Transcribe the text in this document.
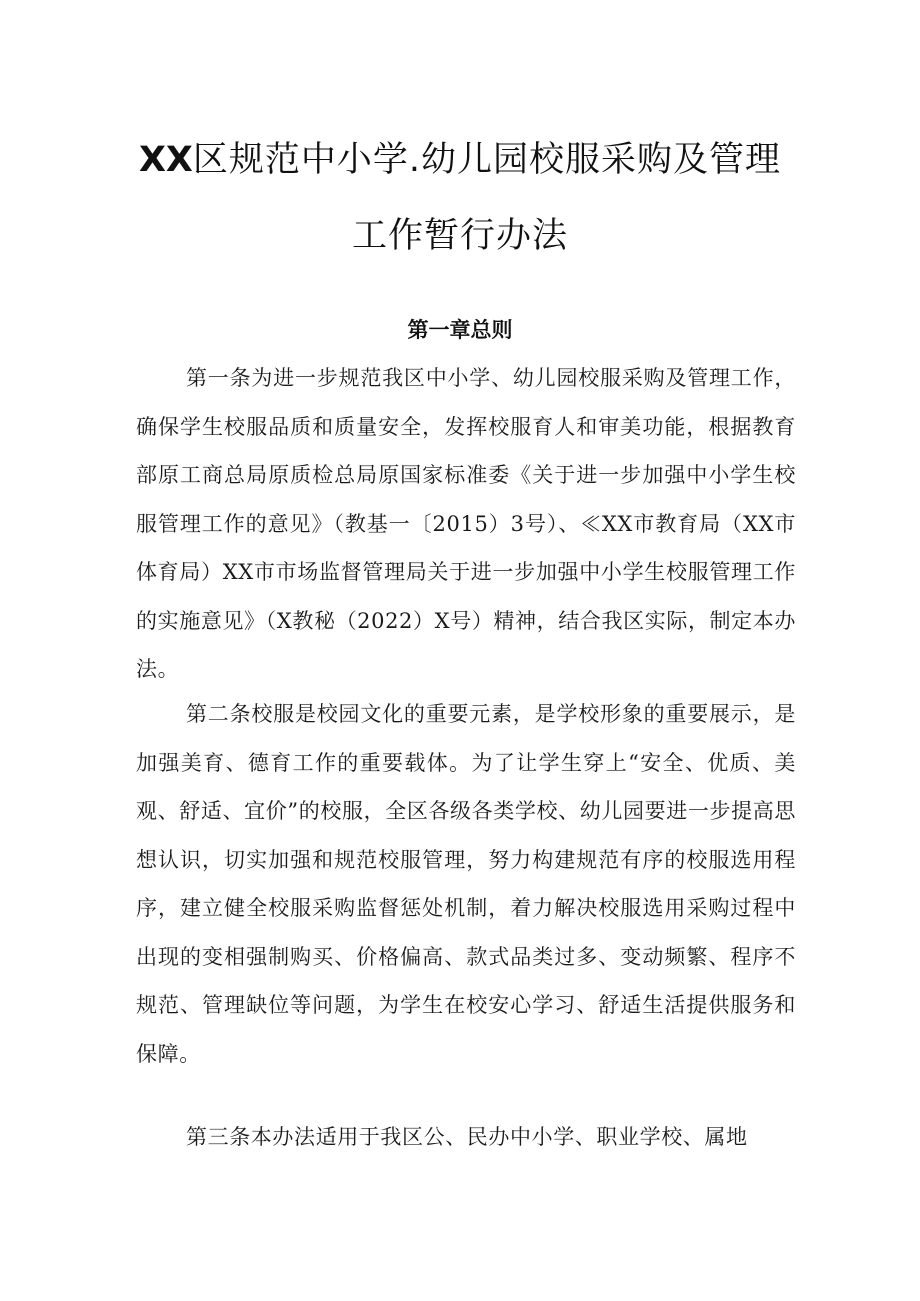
XX区规范中小学.幼儿园校服采购及管理
工作暂行办法
第一章总则

第一条为进一步规范我区中小学、幼儿园校服采购及管理工作，确保学生校服品质和质量安全，发挥校服育人和审美功能，根据教育部原工商总局原质检总局原国家标准委《关于进一步加强中小学生校服管理工作的意见》（教基一〔2015）3号）、≪XX市教育局（XX市体育局）XX市市场监督管理局关于进一步加强中小学生校服管理工作的实施意见》（X教秘（2022）X号）精神，结合我区实际，制定本办法。

第二条校服是校园文化的重要元素，是学校形象的重要展示，是加强美育、德育工作的重要载体。为了让学生穿上“安全、优质、美观、舒适、宜价”的校服，全区各级各类学校、幼儿园要进一步提高思想认识，切实加强和规范校服管理，努力构建规范有序的校服选用程序，建立健全校服采购监督惩处机制，着力解决校服选用采购过程中出现的变相强制购买、价格偏高、款式品类过多、变动频繁、程序不规范、管理缺位等问题，为学生在校安心学习、舒适生活提供服务和保障。

第三条本办法适用于我区公、民办中小学、职业学校、属地
